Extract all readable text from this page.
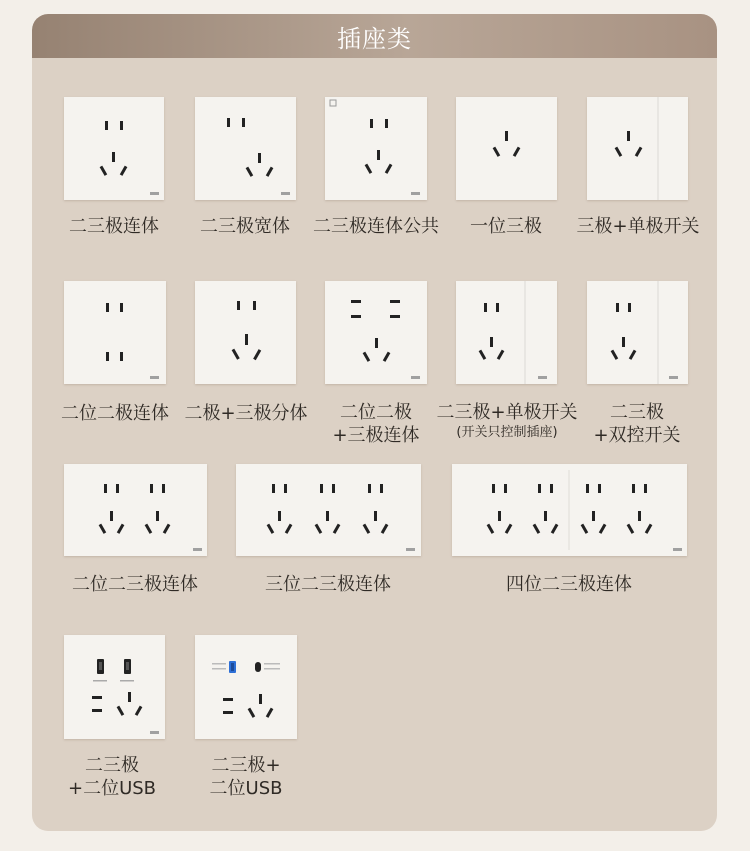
插座类
二三极连体	二三极宽体	二三极连体公共	一位三极	三极+单极开关
二位二极连体 二极+三极分体	二位二极
+三极连体
二三极+单极开关
(开关只控制插座)
二三极
+双控开关
二位二三极连体	三位二三极连体	四位二三极连体
二三极
+二位USB
二三极+
二位USB
